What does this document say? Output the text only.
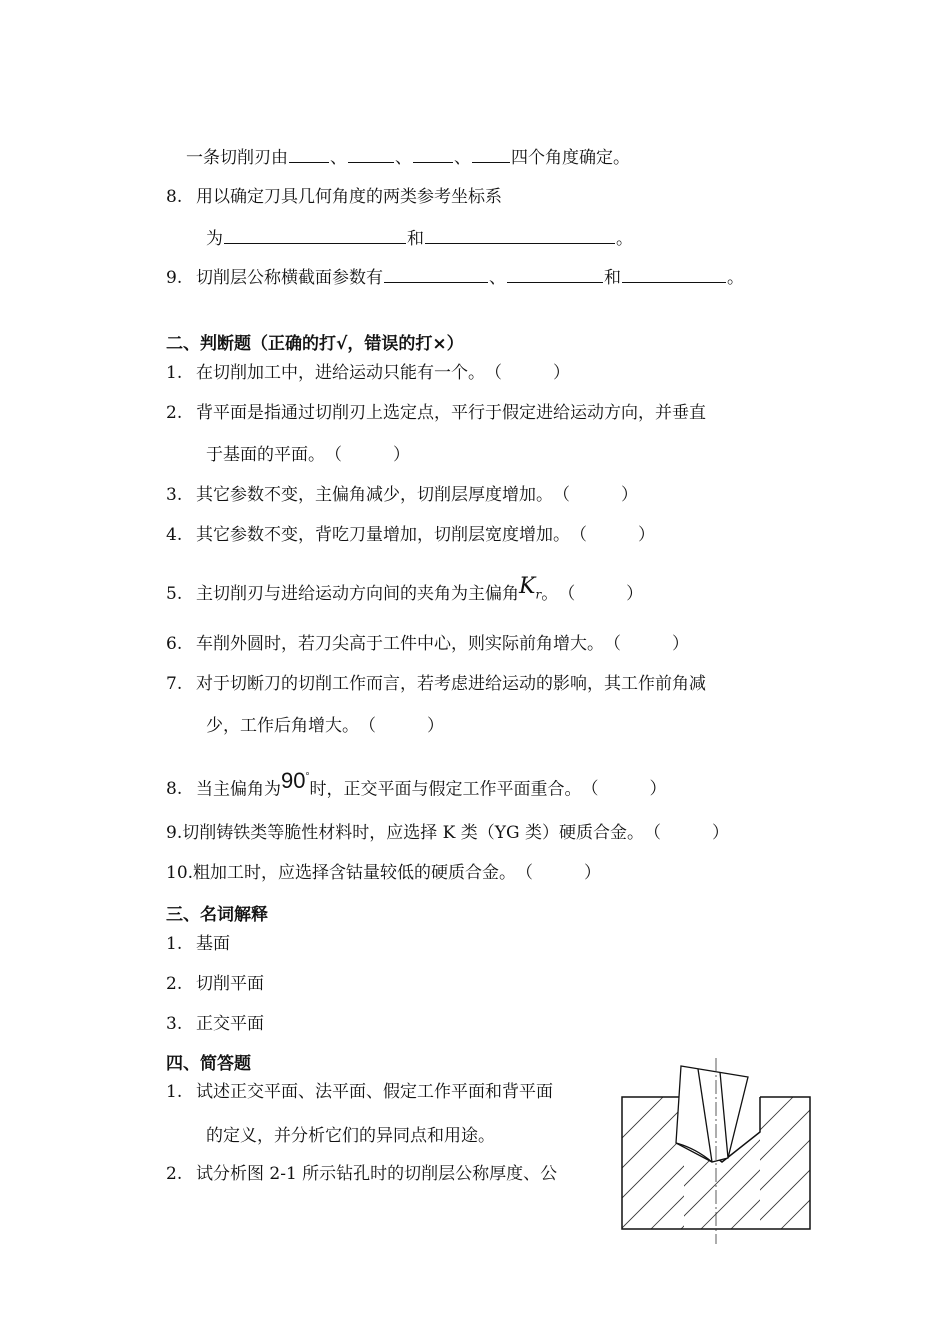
一条切削刃由 、	、 、 四个角度确定。
8. 用以确定刀具几何角度的两类参考坐标系
为	和	。
9. 切削层公称横截面参数有	、	和	。
二、判断题（正确的打√，错误的打×）
1. 在切削加工中，进给运动只能有一个。（　　　）
2. 背平面是指通过切削刃上选定点，平行于假定进给运动方向，并垂直
于基面的平面。（　　　）
3. 其它参数不变，主偏角减少，切削层厚度增加。（　　　）
4. 其它参数不变，背吃刀量增加，切削层宽度增加。（　　　）
5. 主切削刃与进给运动方向间的夹角为主偏角$K_r$。（　　　）
6. 车削外圆时，若刀尖高于工件中心，则实际前角增大。（　　　）
7. 对于切断刀的切削工作而言，若考虑进给运动的影响，其工作前角减
少，工作后角增大。（　　　）
8. 当主偏角为90°时，正交平面与假定工作平面重合。（　　　）
9.切削铸铁类等脆性材料时，应选择 K 类（YG 类）硬质合金。（　　　）
10.粗加工时，应选择含钴量较低的硬质合金。（　　　）
三、名词解释
1. 基面
2. 切削平面
3. 正交平面
四、简答题
1. 试述正交平面、法平面、假定工作平面和背平面
的定义，并分析它们的异同点和用途。
2. 试分析图 2-1 所示钻孔时的切削层公称厚度、公
